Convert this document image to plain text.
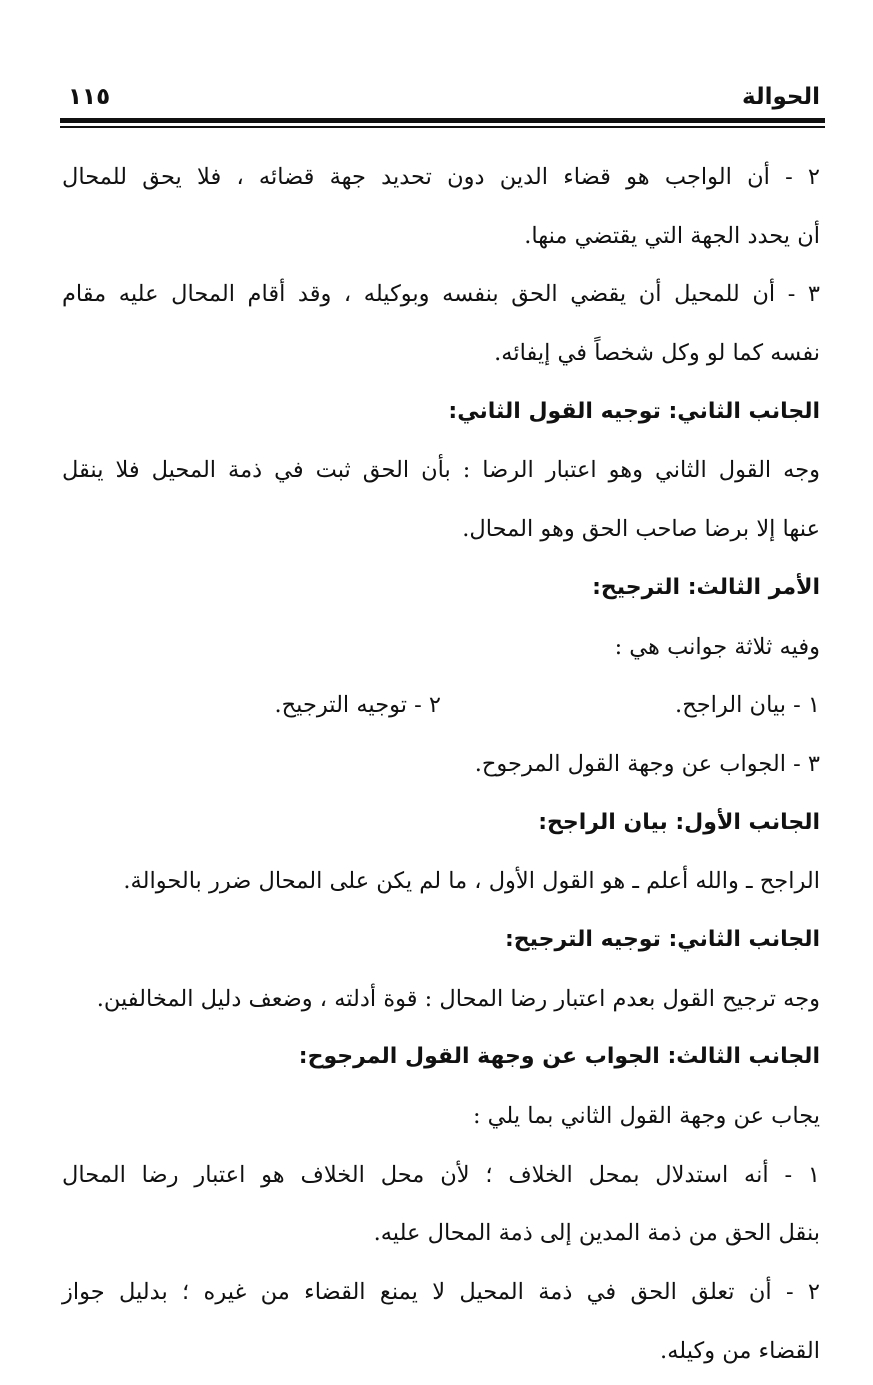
الحوالة
١١٥
٢ - أن الواجب هو قضاء الدين دون تحديد جهة قضائه ، فلا يحق للمحال
أن يحدد الجهة التي يقتضي منها.
٣ - أن للمحيل أن يقضي الحق بنفسه وبوكيله ، وقد أقام المحال عليه مقام
نفسه كما لو وكل شخصاً في إيفائه.
الجانب الثاني: توجيه القول الثاني:
وجه القول الثاني وهو اعتبار الرضا : بأن الحق ثبت في ذمة المحيل فلا ينقل
عنها إلا برضا صاحب الحق وهو المحال.
الأمر الثالث: الترجيح:
وفيه ثلاثة جوانب هي :
١ - بيان الراجح.
٢ - توجيه الترجيح.
٣ - الجواب عن وجهة القول المرجوح.
الجانب الأول: بيان الراجح:
الراجح ـ والله أعلم ـ هو القول الأول ، ما لم يكن على المحال ضرر بالحوالة.
الجانب الثاني: توجيه الترجيح:
وجه ترجيح القول بعدم اعتبار رضا المحال : قوة أدلته ، وضعف دليل المخالفين.
الجانب الثالث: الجواب عن وجهة القول المرجوح:
يجاب عن وجهة القول الثاني بما يلي :
١ - أنه استدلال بمحل الخلاف ؛ لأن محل الخلاف هو اعتبار رضا المحال
بنقل الحق من ذمة المدين إلى ذمة المحال عليه.
٢ - أن تعلق الحق في ذمة المحيل لا يمنع القضاء من غيره ؛ بدليل جواز
القضاء من وكيله.
